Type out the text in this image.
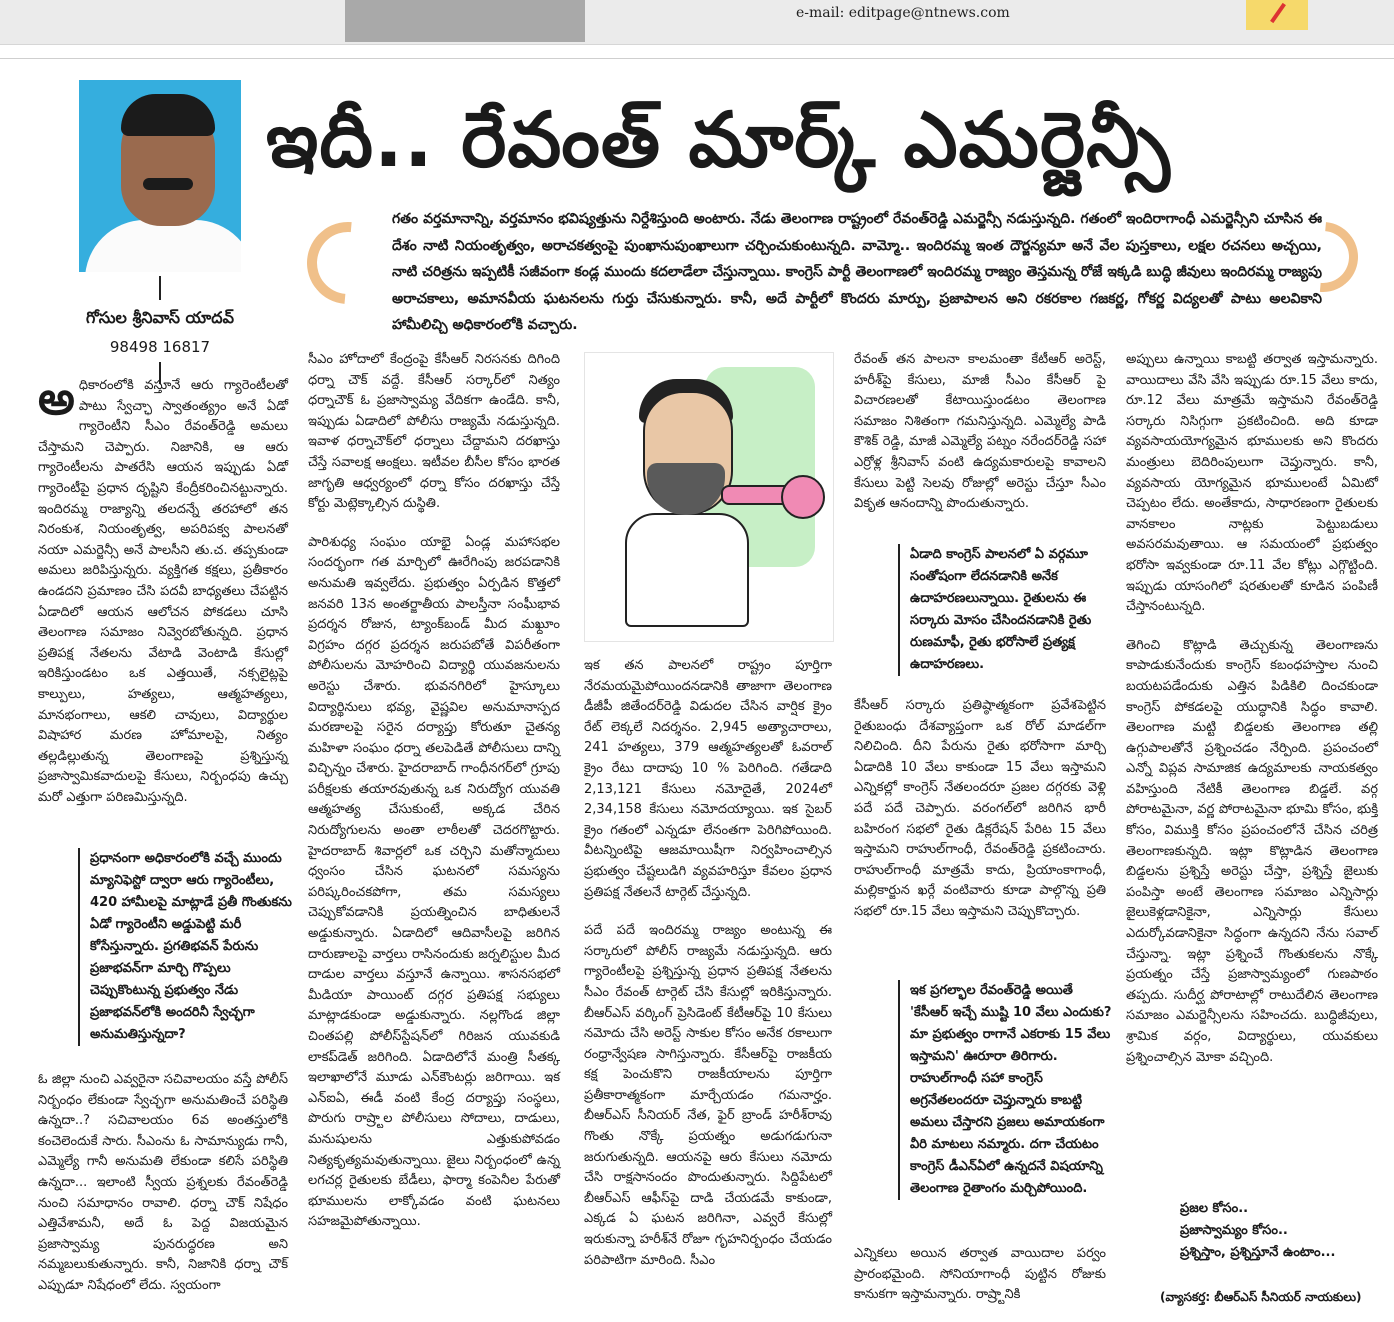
e-mail: editpage@ntnews.com
గోసుల శ్రీనివాస్‌ యాదవ్‌
98498 16817
ఇదీ.. రేవంత్‌ మార్క్‌ ఎమర్జెన్సీ

గతం వర్తమానాన్ని, వర్తమానం భవిష్యత్తును నిర్దేశిస్తుంది అంటారు. నేడు తెలంగాణ రాష్ట్రంలో రేవంత్‌రెడ్డి ఎమర్జెన్సీ నడుస్తున్నది. గతంలో ఇందిరాగాంధీ ఎమర్జెన్సీని చూసిన ఈ దేశం నాటి నియంతృత్వం, అరాచకత్వంపై పుంఖానుపుంఖాలుగా చర్చించుకుంటున్నది. వామ్మో.. ఇందిరమ్మ ఇంత దౌర్జన్యమా అనే వేల పుస్తకాలు, లక్షల రచనలు అచ్చయి, నాటి చరిత్రను ఇప్పటికీ సజీవంగా కండ్ల ముందు కదలాడేలా చేస్తున్నాయి. కాంగ్రెస్‌ పార్టీ తెలంగాణలో ఇందిరమ్మ రాజ్యం తెస్తమన్న రోజే ఇక్కడి బుద్ధి జీవులు ఇందిరమ్మ రాజ్యపు అరాచకాలు, అమానవీయ ఘటనలను గుర్తు చేసుకున్నారు. కానీ, అదే పార్టీలో కొందరు మార్పు, ప్రజాపాలన అని రకరకాల గజకర్ణ, గోకర్ణ విద్యలతో పాటు అలవికాని హామీలిచ్చి అధికారంలోకి వచ్చారు.

అధికారంలోకి వస్తూనే ఆరు గ్యారెంటీలతో పాటు స్వేచ్ఛా స్వాతంత్య్రం అనే ఏడో గ్యారెంటీని సీఎం రేవంత్‌రెడ్డి అమలు చేస్తామని చెప్పారు. నిజానికి, ఆ ఆరు గ్యారెంటీలను పాతరేసి ఆయన ఇప్పుడు ఏడో గ్యారెంటీపై ప్రధాన దృష్టిని కేంద్రీకరించినట్టున్నారు. ఇందిరమ్మ రాజ్యాన్ని తలదన్నే తరహాలో తన నిరంకుశ, నియంతృత్వ, అపరిపక్వ పాలనతో నయా ఎమర్జెన్సీ అనే పాలసీని తు.చ. తప్పకుండా అమలు జరిపిస్తున్నరు. వ్యక్తిగత కక్షలు, ప్రతీకారం ఉండదని ప్రమాణం చేసి పదవీ బాధ్యతలు చేపట్టిన ఏడాదిలో ఆయన ఆలోచన పోకడలు చూసి తెలంగాణ సమాజం నివ్వెరబోతున్నది. ప్రధాన ప్రతిపక్ష నేతలను వేటాడి వెంటాడి కేసుల్లో ఇరికిస్తుండటం ఒక ఎత్తయితే, నక్సలైట్లపై కాల్పులు, హత్యలు, ఆత్మహత్యలు, మానభంగాలు, ఆకలి చావులు, విద్యార్థుల విషాహార మరణ హోమాలపై, నిత్యం తల్లడిల్లుతున్న తెలంగాణపై ప్రశ్నిస్తున్న ప్రజాస్వామికవాదులపై కేసులు, నిర్బంధపు ఉచ్చు మరో ఎత్తుగా పరిణమిస్తున్నది.

ప్రధానంగా అధికారంలోకి వచ్చే ముందు మ్యానిఫెస్టో ద్వారా ఆరు గ్యారెంటీలు, 420 హామీలపై మాట్లాడే ప్రతీ గొంతుకను ఏడో గ్యారెంటీని అడ్డుపెట్టి మరీ కోసేస్తున్నారు. ప్రగతిభవన్‌ పేరును ప్రజాభవన్‌గా మార్చి గొప్పలు చెప్పుకొంటున్న ప్రభుత్వం నేడు ప్రజాభవన్‌లోకి అందరినీ స్వేచ్ఛగా అనుమతిస్తున్నదా?

ఓ జిల్లా నుంచి ఎవ్వరైనా సచివాలయం వస్తే పోలీస్‌ నిర్బంధం లేకుండా స్వేచ్ఛగా అనుమతించే పరిస్థితి ఉన్నదా..? సచివాలయం 6వ అంతస్తులోకి కంచెలెందుకే సారు. సీఎంను ఓ సామాన్యుడు గానీ, ఎమ్మెల్యే గానీ అనుమతి లేకుండా కలిసే పరిస్థితి ఉన్నదా... ఇలాంటి స్వీయ ప్రశ్నలకు రేవంత్‌రెడ్డి నుంచి సమాధానం రావాలి. ధర్నా చౌక్‌ నిషేధం ఎత్తివేశామనీ, అదే ఓ పెద్ద విజయమైన ప్రజాస్వామ్య పునరుద్ధరణ అని నమ్మబలుకుతున్నారు. కానీ, నిజానికి ధర్నా చౌక్‌ ఎప్పుడూ నిషేధంలో లేదు. స్వయంగా

సీఎం హోదాలో కేంద్రంపై కేసీఆర్‌ నిరసనకు దిగింది ధర్నా చౌక్‌ వద్దే. కేసీఆర్‌ సర్కార్‌లో నిత్యం ధర్నాచౌక్‌ ఓ ప్రజాస్వామ్య వేదికగా ఉండేది. కానీ, ఇప్పుడు ఏడాదిలో పోలీసు రాజ్యమే నడుస్తున్నది. ఇవాళ ధర్నాచౌక్‌లో ధర్నాలు చేద్దామని దరఖాస్తు చేస్తే సవాలక్ష ఆంక్షలు. ఇటీవల బీసీల కోసం భారత జాగృతి ఆధ్వర్యంలో ధర్నా కోసం దరఖాస్తు చేస్తే కోర్టు మెట్లెక్కాల్సిన దుస్థితి.

పారిశుధ్య సంఘం యాభై ఏండ్ల మహాసభల సందర్భంగా గత మార్చిలో ఊరేగింపు జరపడానికి అనుమతి ఇవ్వలేదు. ప్రభుత్వం ఏర్పడిన కొత్తలో జనవరి 13న అంతర్జాతీయ పాలస్తీనా సంఘీభావ ప్రదర్శన రోజున, ట్యాంక్‌బండ్‌ మీద మఖ్దూం విగ్రహం దగ్గర ప్రదర్శన జరుపబోతే విపరీతంగా పోలీసులను మోహరించి విద్యార్థి యువజనులను అరెస్టు చేశారు. భువనగిరిలో హైస్కూలు విద్యార్థినులు భవ్య, వైష్ణవిల అనుమానాస్పద మరణాలపై సరైన దర్యాప్తు కోరుతూ చైతన్య మహిళా సంఘం ధర్నా తలపెడితే పోలీసులు దాన్ని విచ్ఛిన్నం చేశారు. హైదరాబాద్‌ గాంధీనగర్‌లో గ్రూపు పరీక్షలకు తయారవుతున్న ఒక నిరుద్యోగ యువతి ఆత్మహత్య చేసుకుంటే, అక్కడ చేరిన నిరుద్యోగులను అంతా లాఠీలతో చెదరగొట్టారు. హైదరాబాద్‌ శివార్లలో ఒక చర్చిని మతోన్మాదులు ధ్వంసం చేసిన ఘటనలో సమస్యను పరిష్కరించకపోగా, తమ సమస్యలు చెప్పుకోవడానికి ప్రయత్నించిన బాధితులనే అడ్డుకున్నారు. ఏడాదిలో ఆదివాసీలపై జరిగిన దారుణాలపై వార్తలు రాసినందుకు జర్నలిస్టుల మీద దాడుల వార్తలు వస్తూనే ఉన్నాయి. శాసనసభలో మీడియా పాయింట్‌ దగ్గర ప్రతిపక్ష సభ్యులు మాట్లాడకుండా అడ్డుకున్నారు. నల్లగొండ జిల్లా చింతపల్లి పోలీస్‌స్టేషన్‌లో గిరిజన యువకుడి లాకప్‌డెత్‌ జరిగింది. ఏడాదిలోనే మంత్రి సీతక్క ఇలాఖాలోనే మూడు ఎన్‌కౌంటర్లు జరిగాయి. ఇక ఎన్‌ఐఏ, ఈడీ వంటి కేంద్ర దర్యాప్తు సంస్థలు, పొరుగు రాష్ర్టాల పోలీసులు సోదాలు, దాడులు, మనుషులను ఎత్తుకుపోవడం నిత్యకృత్యమవుతున్నాయి. జైలు నిర్బంధంలో ఉన్న లగచర్ల రైతులకు బేడీలు, ఫార్మా కంపెనీల పేరుతో భూములను లాక్కోవడం వంటి ఘటనలు సహజమైపోతున్నాయి.

ఇక తన పాలనలో రాష్ట్రం పూర్తిగా నేరమయమైపోయిందనడానికి తాజాగా తెలంగాణ డీజీపీ జితేందర్‌రెడ్డి విడుదల చేసిన వార్షిక క్రైం రేట్‌ లెక్కలే నిదర్శనం. 2,945 అత్యాచారాలు, 241 హత్యలు, 379 ఆత్మహత్యలతో ఓవరాల్‌ క్రైం రేటు దాదాపు 10 % పెరిగింది. గతేడాది 2,13,121 కేసులు నమోదైతే, 2024లో 2,34,158 కేసులు నమోదయ్యాయి. ఇక సైబర్‌ క్రైం గతంలో ఎన్నడూ లేనంతగా పెరిగిపోయింది. వీటన్నింటిపై ఆజమాయిషీగా నిర్వహించాల్సిన ప్రభుత్వం చేష్టలుడిగి వ్యవహరిస్తూ కేవలం ప్రధాన ప్రతిపక్ష నేతలనే టార్గెట్‌ చేస్తున్నది.

పదే పదే ఇందిరమ్మ రాజ్యం అంటున్న ఈ సర్కారులో పోలీస్‌ రాజ్యమే నడుస్తున్నది. ఆరు గ్యారెంటీలపై ప్రశ్నిస్తున్న ప్రధాన ప్రతిపక్ష నేతలను సీఎం రేవంత్‌ టార్గెట్‌ చేసి కేసుల్లో ఇరికిస్తున్నారు. బీఆర్‌ఎస్‌ వర్కింగ్‌ ప్రెసిడెంట్‌ కేటీఆర్‌పై 10 కేసులు నమోదు చేసి అరెస్ట్‌ సాకుల కోసం అనేక రకాలుగా రంధ్రాన్వేషణ సాగిస్తున్నారు. కేసీఆర్‌పై రాజకీయ కక్ష పెంచుకొని రాజకీయాలను పూర్తిగా ప్రతీకారాత్మకంగా మార్చేయడం గమనార్హం. బీఆర్‌ఎస్‌ సీనియర్‌ నేత, ఫైర్‌ బ్రాండ్‌ హరీశ్‌రావు గొంతు నొక్కే ప్రయత్నం అడుగడుగునా జరుగుతున్నది. ఆయనపై ఆరు కేసులు నమోదు చేసి రాక్షసానందం పొందుతున్నారు. సిద్దిపేటలో బీఆర్‌ఎస్‌ ఆఫీస్‌పై దాడి చేయడమే కాకుండా, ఎక్కడ ఏ ఘటన జరిగినా, ఎవ్వరే కేసుల్లో ఇరుకున్నా హరీశ్‌నే రోజూ గృహనిర్బంధం చేయడం పరిపాటిగా మారింది. సీఎం

రేవంత్‌ తన పాలనా కాలమంతా కేటీఆర్‌ అరెస్ట్‌, హరీశ్‌పై కేసులు, మాజీ సీఎం కేసీఆర్‌ పై విచారణలతో కేటాయిస్తుండటం తెలంగాణ సమాజం నిశితంగా గమనిస్తున్నది. ఎమ్మెల్యే పాడి కౌశిక్‌ రెడ్డి, మాజీ ఎమ్మెల్యే పట్నం నరేందర్‌రెడ్డి సహా ఎర్రోళ్ల శ్రీనివాస్‌ వంటి ఉద్యమకారులపై కావాలని కేసులు పెట్టి సెలవు రోజుల్లో అరెస్టు చేస్తూ సీఎం వికృత ఆనందాన్ని పొందుతున్నారు.

ఏడాది కాంగ్రెస్‌ పాలనలో ఏ వర్గమూ సంతోషంగా లేదనడానికి అనేక ఉదాహరణలున్నాయి. రైతులను ఈ సర్కారు మోసం చేసిందనడానికి రైతు రుణమాఫీ, రైతు భరోసాలే ప్రత్యక్ష ఉదాహరణలు.

కేసీఆర్‌ సర్కారు ప్రతిష్ఠాత్మకంగా ప్రవేశపెట్టిన రైతుబంధు దేశవ్యాప్తంగా ఒక రోల్‌ మాడల్‌గా నిలిచింది. దీని పేరును రైతు భరోసాగా మార్చి ఏడాదికి 10 వేలు కాకుండా 15 వేలు ఇస్తామని ఎన్నికల్లో కాంగ్రెస్‌ నేతలందరూ ప్రజల దగ్గరకు వెళ్లి పదే పదే చెప్పారు. వరంగల్‌లో జరిగిన భారీ బహిరంగ సభలో రైతు డిక్లరేషన్‌ పేరిట 15 వేలు ఇస్తామని రాహుల్‌గాంధీ, రేవంత్‌రెడ్డి ప్రకటించారు. రాహుల్‌గాంధీ మాత్రమే కాదు, ప్రియాంకాగాంధీ, మల్లికార్జున ఖర్గే వంటివారు కూడా పాల్గొన్న ప్రతి సభలో రూ.15 వేలు ఇస్తామని చెప్పుకొచ్చారు.

ఇక ప్రగల్భాల రేవంత్‌రెడ్డి అయితే 'కేసీఆర్‌ ఇచ్చే ముష్టి 10 వేలు ఎందుకు? మా ప్రభుత్వం రాగానే ఎకరాకు 15 వేలు ఇస్తామని' ఊరూరా తిరిగారు. రాహుల్‌గాంధీ సహా కాంగ్రెస్‌ అగ్రనేతలందరూ చెప్తున్నారు కాబట్టి అమలు చేస్తారని ప్రజలు అమాయకంగా వీరి మాటలు నమ్మారు. దగా చేయటం కాంగ్రెస్‌ డీఎన్‌ఏలో ఉన్నదనే విషయాన్ని తెలంగాణ రైతాంగం మర్చిపోయింది.

ఎన్నికలు అయిన తర్వాత వాయిదాల పర్వం ప్రారంభమైంది. సోనియాగాంధీ పుట్టిన రోజుకు కానుకగా ఇస్తామన్నారు. రాష్ర్టానికి

అప్పులు ఉన్నాయి కాబట్టి తర్వాత ఇస్తామన్నారు. వాయిదాలు వేసి వేసి ఇప్పుడు రూ.15 వేలు కాదు, రూ.12 వేలు మాత్రమే ఇస్తామని రేవంత్‌రెడ్డి సర్కారు నిసిగ్గుగా ప్రకటించింది. అది కూడా వ్యవసాయయోగ్యమైన భూములకు అని కొందరు మంత్రులు బెదిరింపులుగా చెప్తున్నారు. కానీ, వ్యవసాయ యోగ్యమైన భూములంటే ఏమిటో చెప్పటం లేదు. అంతేకాదు, సాధారణంగా రైతులకు వానకాలం నాట్లకు పెట్టుబడులు అవసరమవుతాయి. ఆ సమయంలో ప్రభుత్వం భరోసా ఇవ్వకుండా రూ.11 వేల కోట్లు ఎగ్గొట్టింది. ఇప్పుడు యాసంగిలో షరతులతో కూడిన పంపిణీ చేస్తానంటున్నది.

తెగించి కొట్లాడి తెచ్చుకున్న తెలంగాణను కాపాడుకునేందుకు కాంగ్రెస్‌ కబంధహస్తాల నుంచి బయటపడేందుకు ఎత్తిన పిడికిలి దించకుండా కాంగ్రెస్‌ పోకడలపై యుద్ధానికి సిద్ధం కావాలి. తెలంగాణ మట్టి బిడ్డలకు తెలంగాణ తల్లి ఉగ్గుపాలతోనే ప్రశ్నించడం నేర్పింది. ప్రపంచంలో ఎన్నో విప్లవ సామాజిక ఉద్యమాలకు నాయకత్వం వహిస్తుంది నేటికీ తెలంగాణ బిడ్డలే. వర్గ పోరాటమైనా, వర్ణ పోరాటమైనా భూమి కోసం, భుక్తి కోసం, విముక్తి కోసం ప్రపంచంలోనే చేసిన చరిత్ర తెలంగాణకున్నది. ఇట్లా కొట్లాడిన తెలంగాణ బిడ్డలను ప్రశ్నిస్తే అరెస్టు చేస్తా, ప్రశ్నిస్తే జైలుకు పంపిస్తా అంటే తెలంగాణ సమాజం ఎన్నిసార్లు జైలుకెళ్లడానికైనా, ఎన్నిసార్లు కేసులు ఎదుర్కోవడానికైనా సిద్ధంగా ఉన్నదని నేను సవాల్‌ చేస్తున్నా. ఇట్లా ప్రశ్నించే గొంతుకలను నొక్కే ప్రయత్నం చేస్తే ప్రజాస్వామ్యంలో గుణపాఠం తప్పదు. సుదీర్ఘ పోరాటాల్లో రాటుదేలిన తెలంగాణ సమాజం ఎమర్జెన్సీలను సహించదు. బుద్ధిజీవులు, శ్రామిక వర్గం, విద్యార్థులు, యువకులు ప్రశ్నించాల్సిన మోకా వచ్చింది.

ప్రజల కోసం..
ప్రజాస్వామ్యం కోసం..
ప్రశ్నిస్తాం, ప్రశ్నిస్తూనే ఉంటాం...
(వ్యాసకర్త: బీఆర్‌ఎస్‌ సీనియర్‌ నాయకులు)
